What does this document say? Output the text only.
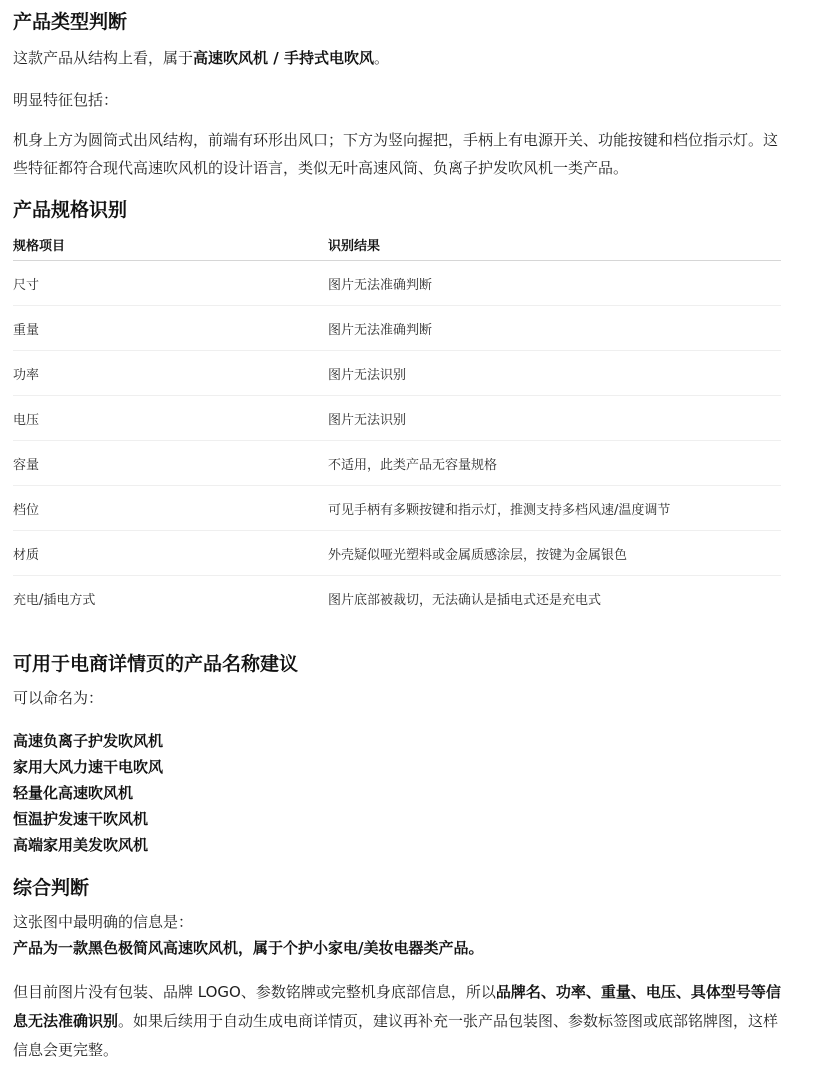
产品类型判断

这款产品从结构上看，属于高速吹风机 / 手持式电吹风。

明显特征包括：

机身上方为圆筒式出风结构，前端有环形出风口；下方为竖向握把，手柄上有电源开关、功能按键和档位指示灯。这些特征都符合现代高速吹风机的设计语言，类似无叶高速风筒、负离子护发吹风机一类产品。

产品规格识别
规格项目	识别结果
尺寸	图片无法准确判断
重量	图片无法准确判断
功率	图片无法识别
电压	图片无法识别
容量	不适用，此类产品无容量规格
档位	可见手柄有多颗按键和指示灯，推测支持多档风速/温度调节
材质	外壳疑似哑光塑料或金属质感涂层，按键为金属银色
充电/插电方式	图片底部被裁切，无法确认是插电式还是充电式
可用于电商详情页的产品名称建议

可以命名为：

高速负离子护发吹风机

家用大风力速干电吹风

轻量化高速吹风机

恒温护发速干吹风机

高端家用美发吹风机

综合判断

这张图中最明确的信息是：

产品为一款黑色极简风高速吹风机，属于个护小家电/美妆电器类产品。

但目前图片没有包装、品牌 LOGO、参数铭牌或完整机身底部信息，所以品牌名、功率、重量、电压、具体型号等信息无法准确识别。如果后续用于自动生成电商详情页，建议再补充一张产品包装图、参数标签图或底部铭牌图，这样信息会更完整。
